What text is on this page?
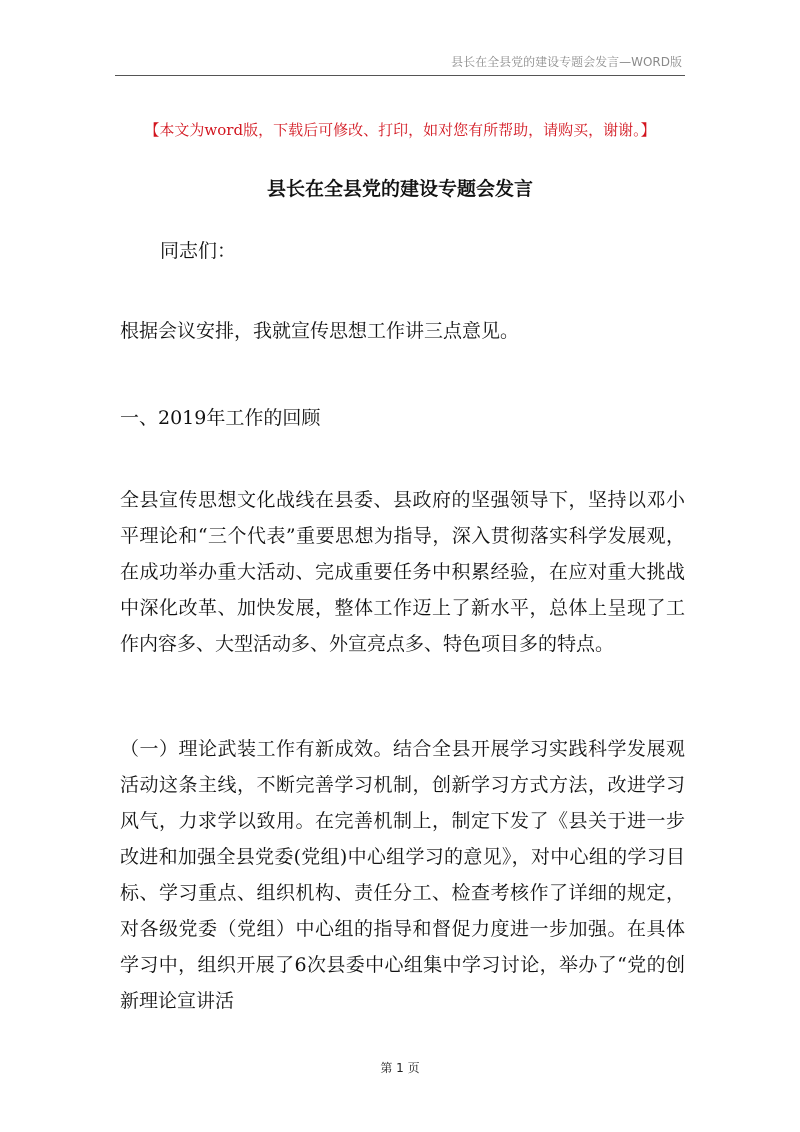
县长在全县党的建设专题会发言—WORD版
【本文为word版，下载后可修改、打印，如对您有所帮助，请购买，谢谢。】
县长在全县党的建设专题会发言

同志们：

根据会议安排，我就宣传思想工作讲三点意见。

一、2019年工作的回顾

全县宣传思想文化战线在县委、县政府的坚强领导下，坚持以邓小平理论和“三个代表”重要思想为指导，深入贯彻落实科学发展观，在成功举办重大活动、完成重要任务中积累经验，在应对重大挑战中深化改革、加快发展，整体工作迈上了新水平，总体上呈现了工作内容多、大型活动多、外宣亮点多、特色项目多的特点。

（一）理论武装工作有新成效。结合全县开展学习实践科学发展观活动这条主线，不断完善学习机制，创新学习方式方法，改进学习风气，力求学以致用。在完善机制上，制定下发了《县关于进一步改进和加强全县党委(党组)中心组学习的意见》，对中心组的学习目标、学习重点、组织机构、责任分工、检查考核作了详细的规定，对各级党委（党组）中心组的指导和督促力度进一步加强。在具体学习中，组织开展了6次县委中心组集中学习讨论，举办了“党的创新理论宣讲活

第 1 页
